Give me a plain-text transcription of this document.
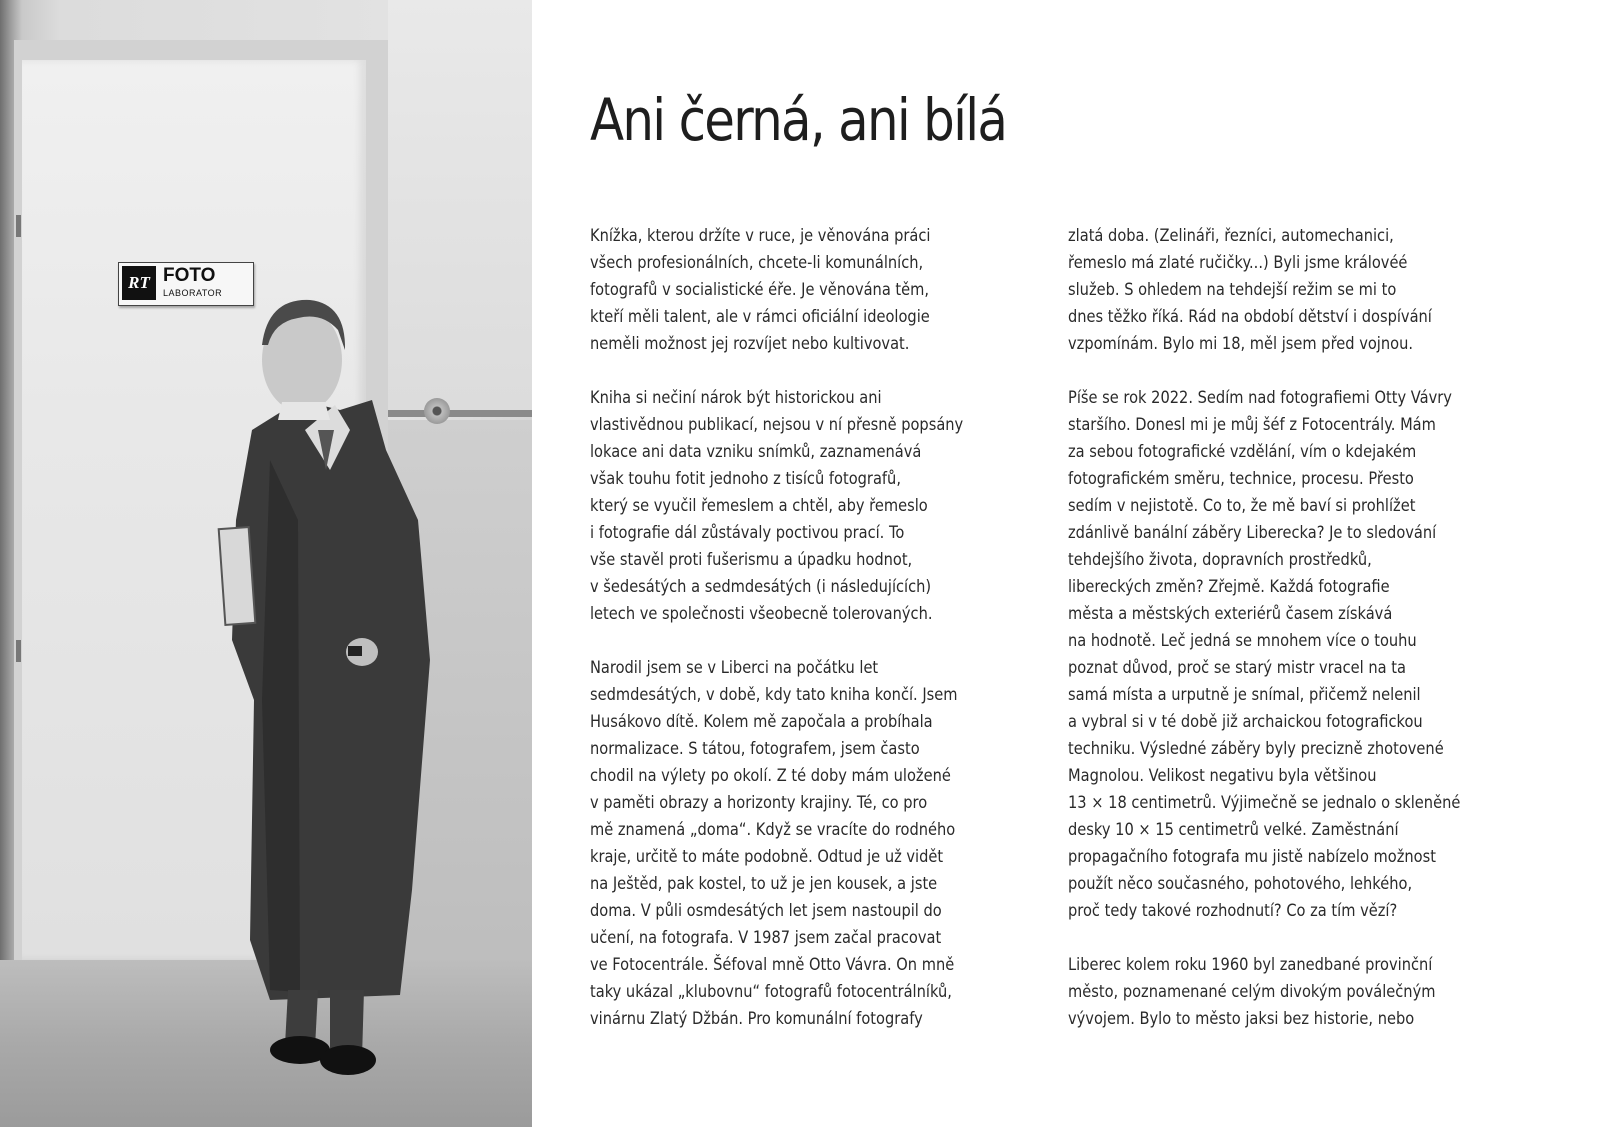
RT FOTO
LABORATOR
Ani černá, ani bílá

Knížka, kterou držíte v ruce, je věnována práci
všech profesionálních, chcete-li komunálních,
fotografů v socialistické éře. Je věnována těm,
kteří měli talent, ale v rámci oficiální ideologie
neměli možnost jej rozvíjet nebo kultivovat.

Kniha si nečiní nárok být historickou ani
vlastivědnou publikací, nejsou v ní přesně popsány
lokace ani data vzniku snímků, zaznamenává
však touhu fotit jednoho z tisíců fotografů,
který se vyučil řemeslem a chtěl, aby řemeslo
i fotografie dál zůstávaly poctivou prací. To
vše stavěl proti fušerismu a úpadku hodnot,
v šedesátých a sedmdesátých (i následujících)
letech ve společnosti všeobecně tolerovaných.

Narodil jsem se v Liberci na počátku let
sedmdesátých, v době, kdy tato kniha končí. Jsem
Husákovo dítě. Kolem mě započala a probíhala
normalizace. S tátou, fotografem, jsem často
chodil na výlety po okolí. Z té doby mám uložené
v paměti obrazy a horizonty krajiny. Té, co pro
mě znamená „doma“. Když se vracíte do rodného
kraje, určitě to máte podobně. Odtud je už vidět
na Ještěd, pak kostel, to už je jen kousek, a jste
doma. V půli osmdesátých let jsem nastoupil do
učení, na fotografa. V 1987 jsem začal pracovat
ve Fotocentrále. Šéfoval mně Otto Vávra. On mně
taky ukázal „klubovnu“ fotografů fotocentrálníků,
vinárnu Zlatý Džbán. Pro komunální fotografy

zlatá doba. (Zelináři, řezníci, automechanici,
řemeslo má zlaté ručičky...) Byli jsme královéé
služeb. S ohledem na tehdejší režim se mi to
dnes těžko říká. Rád na období dětství i dospívání
vzpomínám. Bylo mi 18, měl jsem před vojnou.

Píše se rok 2022. Sedím nad fotografiemi Otty Vávry
staršího. Donesl mi je můj šéf z Fotocentrály. Mám
za sebou fotografické vzdělání, vím o kdejakém
fotografickém směru, technice, procesu. Přesto
sedím v nejistotě. Co to, že mě baví si prohlížet
zdánlivě banální záběry Liberecka? Je to sledování
tehdejšího života, dopravních prostředků,
libereckých změn? Zřejmě. Každá fotografie
města a městských exteriérů časem získává
na hodnotě. Leč jedná se mnohem více o touhu
poznat důvod, proč se starý mistr vracel na ta
samá místa a urputně je snímal, přičemž nelenil
a vybral si v té době již archaickou fotografickou
techniku. Výsledné záběry byly precizně zhotovené
Magnolou. Velikost negativu byla většinou
13 × 18 centimetrů. Výjimečně se jednalo o skleněné
desky 10 × 15 centimetrů velké. Zaměstnání
propagačního fotografa mu jistě nabízelo možnost
použít něco současného, pohotového, lehkého,
proč tedy takové rozhodnutí? Co za tím vězí?

Liberec kolem roku 1960 byl zanedbané provinční
město, poznamenané celým divokým poválečným
vývojem. Bylo to město jaksi bez historie, nebo
